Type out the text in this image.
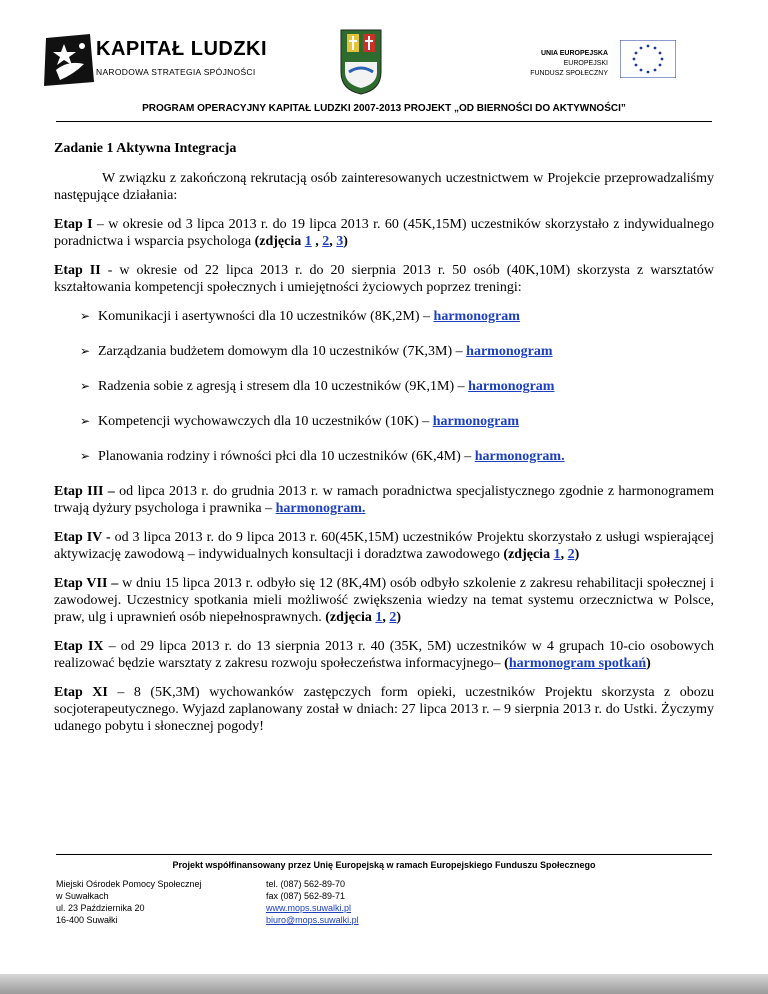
KAPITAŁ LUDZKI
NARODOWA STRATEGIA SPÓJNOŚCI
UNIA EUROPEJSKA
EUROPEJSKI
FUNDUSZ SPOŁECZNY
PROGRAM OPERACYJNY KAPITAŁ LUDZKI 2007-2013 PROJEKT „OD BIERNOŚCI DO AKTYWNOŚCI”

Zadanie 1 Aktywna Integracja

W związku z zakończoną rekrutacją osób zainteresowanych uczestnictwem w Projekcie przeprowadzaliśmy następujące działania:

Etap I – w okresie od 3 lipca 2013 r. do 19 lipca 2013 r. 60 (45K,15M) uczestników skorzystało z indywidualnego poradnictwa i wsparcia psychologa (zdjęcia 1 , 2, 3)

Etap II - w okresie od 22 lipca 2013 r. do 20 sierpnia 2013 r. 50 osób (40K,10M) skorzysta z warsztatów kształtowania kompetencji społecznych i umiejętności życiowych poprzez treningi:

➢ Komunikacji i asertywności dla 10 uczestników (8K,2M) – harmonogram
➢ Zarządzania budżetem domowym dla 10 uczestników (7K,3M) – harmonogram
➢ Radzenia sobie z agresją i stresem dla 10 uczestników (9K,1M) – harmonogram
➢ Kompetencji wychowawczych dla 10 uczestników (10K) – harmonogram
➢ Planowania rodziny i równości płci dla 10 uczestników (6K,4M) – harmonogram.

Etap III – od lipca 2013 r. do grudnia 2013 r. w ramach poradnictwa specjalistycznego zgodnie z harmonogramem trwają dyżury psychologa i prawnika – harmonogram.

Etap IV - od 3 lipca 2013 r. do 9 lipca 2013 r. 60(45K,15M) uczestników Projektu skorzystało z usługi wspierającej aktywizację zawodową – indywidualnych konsultacji i doradztwa zawodowego (zdjęcia 1, 2)

Etap VII – w dniu 15 lipca 2013 r. odbyło się 12 (8K,4M) osób odbyło szkolenie z zakresu rehabilitacji społecznej i zawodowej. Uczestnicy spotkania mieli możliwość zwiększenia wiedzy na temat systemu orzecznictwa w Polsce, praw, ulg i uprawnień osób niepełnosprawnych. (zdjęcia 1, 2)

Etap IX – od 29 lipca 2013 r. do 13 sierpnia 2013 r. 40 (35K, 5M) uczestników w 4 grupach 10-cio osobowych realizować będzie warsztaty z zakresu rozwoju społeczeństwa informacyjnego– (harmonogram spotkań)

Etap XI – 8 (5K,3M) wychowanków zastępczych form opieki, uczestników Projektu skorzysta z obozu socjoterapeutycznego. Wyjazd zaplanowany został w dniach: 27 lipca 2013 r. – 9 sierpnia 2013 r. do Ustki. Życzymy udanego pobytu i słonecznej pogody!

Projekt współfinansowany przez Unię Europejską w ramach Europejskiego Funduszu Społecznego
Miejski Ośrodek Pomocy Społecznej
w Suwałkach
ul. 23 Października 20
16-400 Suwałki
tel. (087) 562-89-70
fax (087) 562-89-71
www.mops.suwalki.pl
biuro@mops.suwalki.pl
